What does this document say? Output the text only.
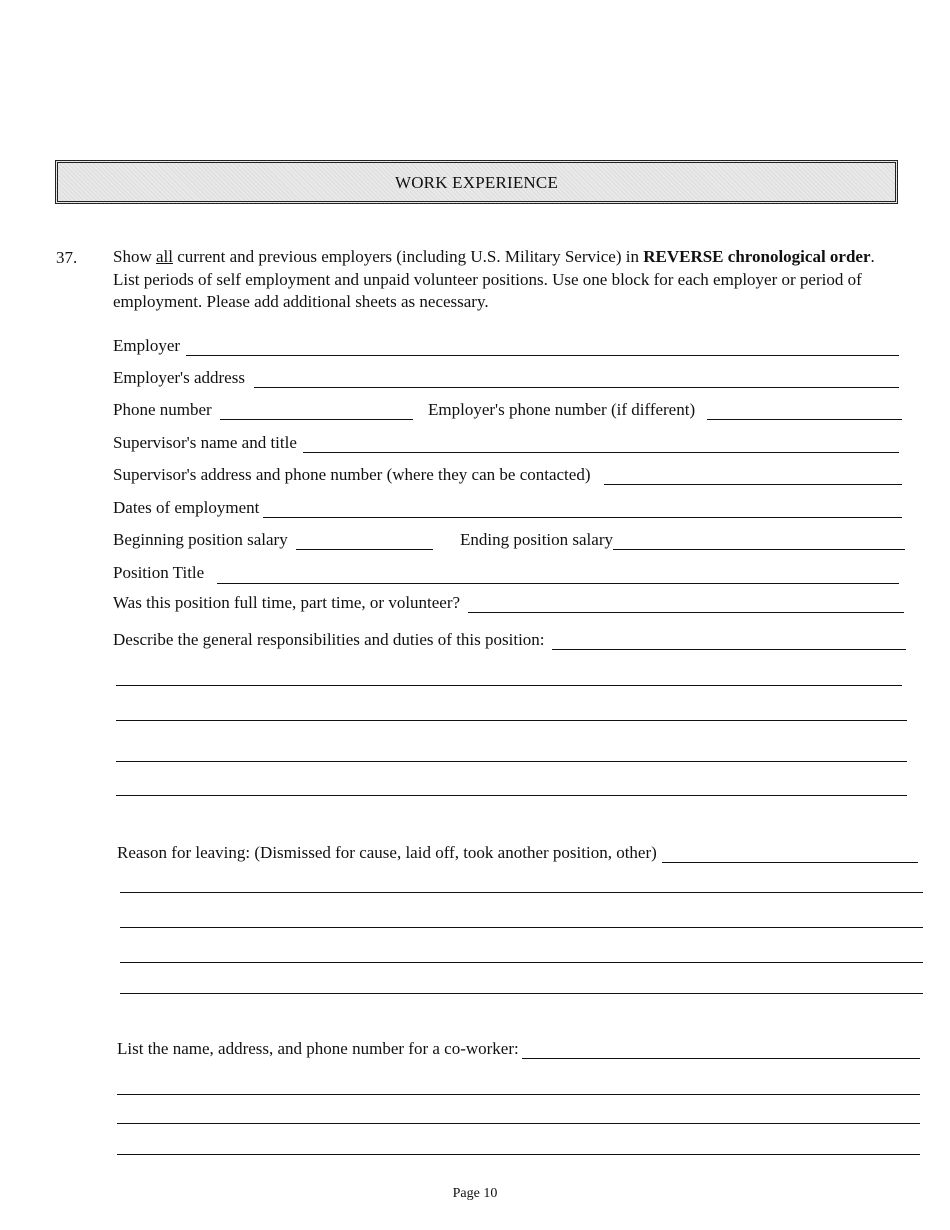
WORK EXPERIENCE
37. Show all current and previous employers (including U.S. Military Service) in REVERSE chronological order. List periods of self employment and unpaid volunteer positions. Use one block for each employer or period of employment. Please add additional sheets as necessary.
Employer
Employer's address
Phone number	Employer's phone number (if different)
Supervisor's name and title
Supervisor's address and phone number (where they can be contacted)
Dates of employment
Beginning position salary	Ending position salary
Position Title
Was this position full time, part time, or volunteer?
Describe the general responsibilities and duties of this position:
Reason for leaving: (Dismissed for cause, laid off, took another position, other)
List the name, address, and phone number for a co-worker:
Page 10
